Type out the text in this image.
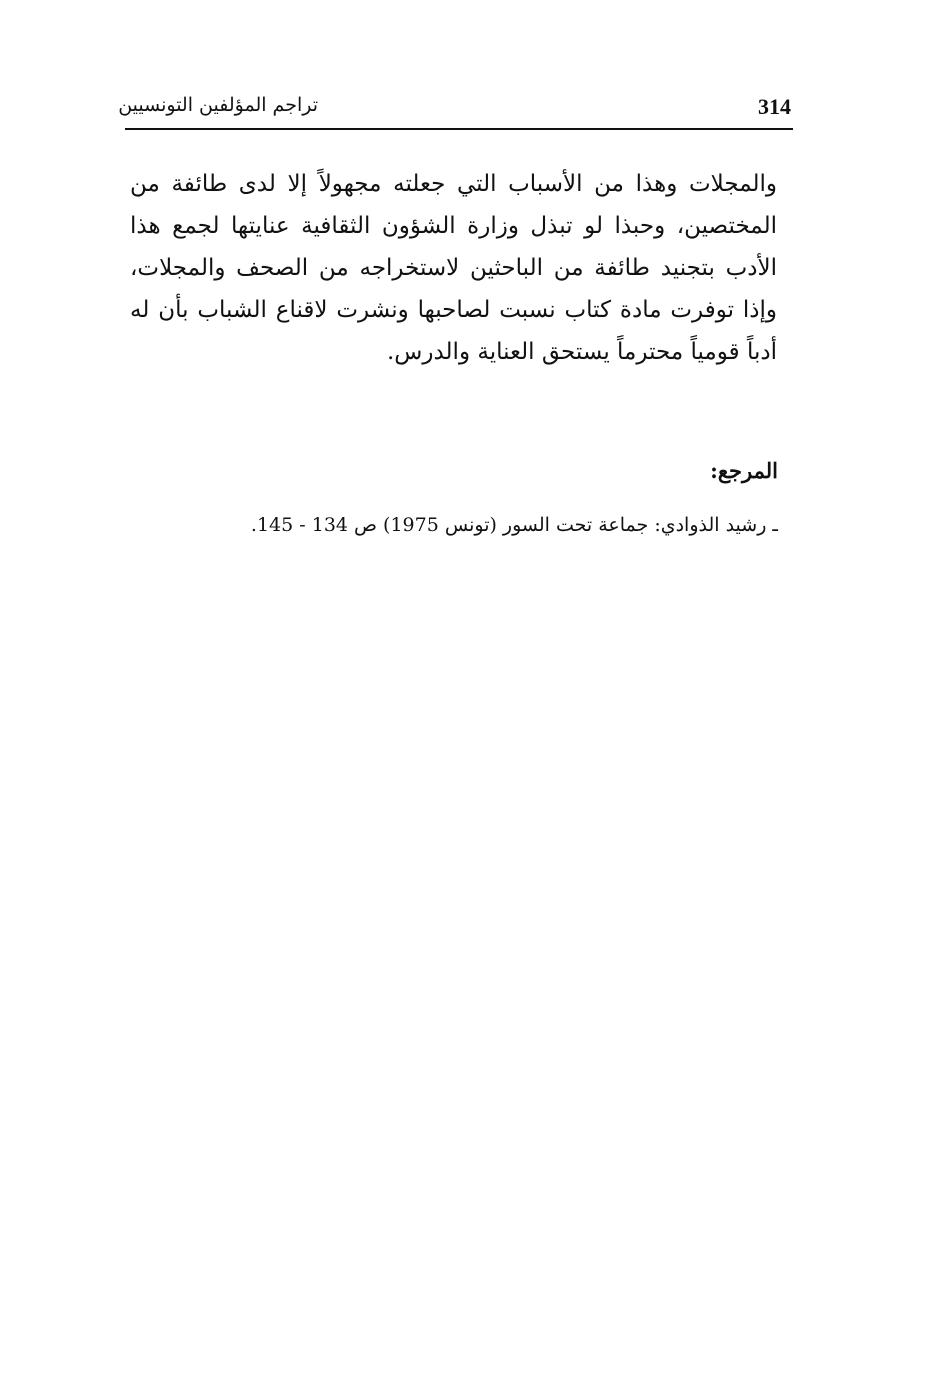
314
تراجم المؤلفين التونسيين
والمجلات وهذا من الأسباب التي جعلته مجهولاً إلا لدى طائفة من
المختصين، وحبذا لو تبذل وزارة الشؤون الثقافية عنايتها لجمع هذا
الأدب بتجنيد طائفة من الباحثين لاستخراجه من الصحف والمجلات،
وإذا توفرت مادة كتاب نسبت لصاحبها ونشرت لاقناع الشباب بأن له
أدباً قومياً محترماً يستحق العناية والدرس.
المرجع:
ـ رشيد الذوادي: جماعة تحت السور (تونس 1975) ص 134 - 145.
